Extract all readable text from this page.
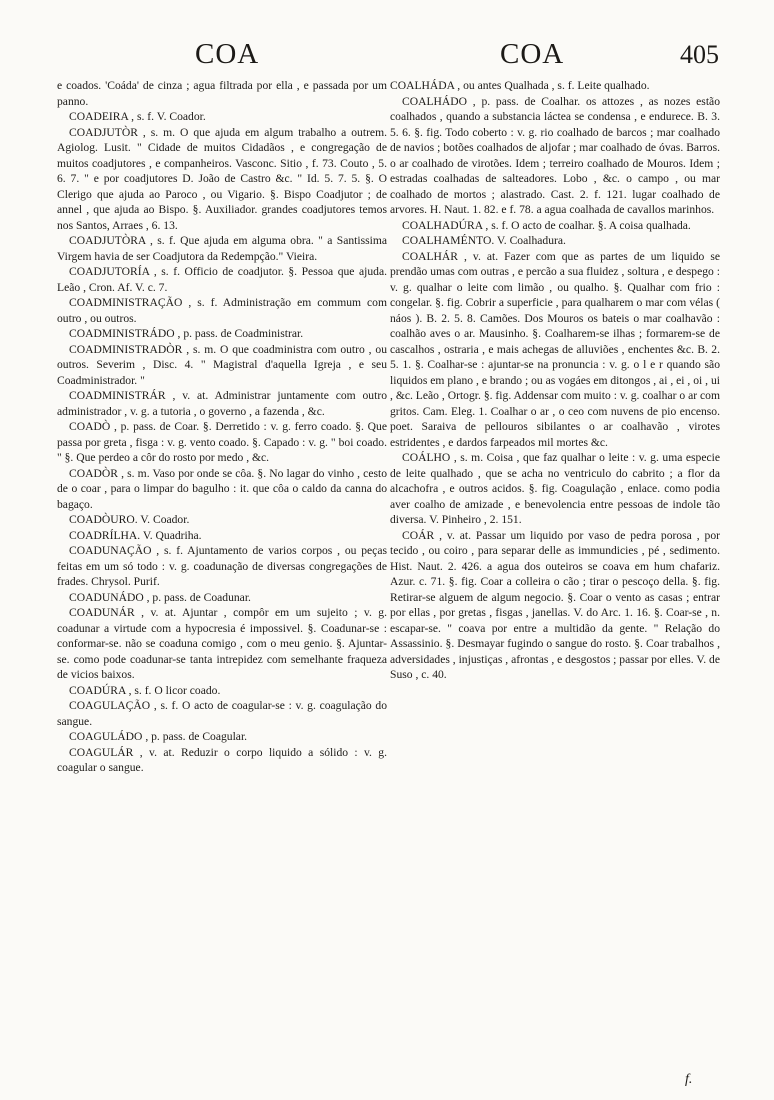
COA	COA	405

e coados. 'Coáda' de cinza ; agua filtrada por ella , e passada por um panno.

COADEIRA , s. f. V. Coador.

COADJUTÒR , s. m. O que ajuda em algum trabalho a outrem. Agiolog. Lusit. " Cidade de muitos Cidadãos , e congregação de muitos coadjutores , e companheiros. Vasconc. Sitio , f. 73. Couto , 5. 6. 7. " e por coadjutores D. João de Castro &c. " Id. 5. 7. 5. §. O Clerigo que ajuda ao Paroco , ou Vigario. §. Bispo Coadjutor ; de annel , que ajuda ao Bispo. §. Auxiliador. grandes coadjutores temos nos Santos, Arraes , 6. 13.

COADJUTÒRA , s. f. Que ajuda em alguma obra. " a Santissima Virgem havia de ser Coadjutora da Redempção." Vieira.

COADJUTORÍA , s. f. Officio de coadjutor. §. Pessoa que ajuda. Leão , Cron. Af. V. c. 7.

COADMINISTRAÇÃO , s. f. Administração em commum com outro , ou outros.

COADMINISTRÁDO , p. pass. de Coadministrar.

COADMINISTRADÒR , s. m. O que coadministra com outro , ou outros. Severim , Disc. 4. " Magistral d'aquella Igreja , e seu Coadministrador. "

COADMINISTRÁR , v. at. Administrar juntamente com outro administrador , v. g. a tutoria , o governo , a fazenda , &c.

COADÒ , p. pass. de Coar. §. Derretido : v. g. ferro coado. §. Que passa por greta , fisga : v. g. vento coado. §. Capado : v. g. " boi coado. " §. Que perdeo a côr do rosto por medo , &c.

COADÒR , s. m. Vaso por onde se côa. §. No lagar do vinho , cesto de o coar , para o limpar do bagulho : it. que côa o caldo da canna do bagaço.

COADÒURO. V. Coador.

COADRÍLHA. V. Quadriha.

COADUNAÇÃO , s. f. Ajuntamento de varios corpos , ou peças feitas em um só todo : v. g. coadunação de diversas congregações de frades. Chrysol. Purif.

COADUNÁDO , p. pass. de Coadunar.

COADUNÁR , v. at. Ajuntar , compôr em um sujeito ; v. g. coadunar a virtude com a hypocresia é impossivel. §. Coadunar-se : conformar-se. não se coaduna comigo , com o meu genio. §. Ajuntar-se. como pode coadunar-se tanta intrepidez com semelhante fraqueza de vicios baixos.

COADÚRA , s. f. O licor coado.

COAGULAÇÃO , s. f. O acto de coagular-se : v. g. coagulação do sangue.

COAGULÁDO , p. pass. de Coagular.

COAGULÁR , v. at. Reduzir o corpo liquido a sólido : v. g. coagular o sangue.

COALHÁDA , ou antes Qualhada , s. f. Leite qualhado.

COALHÁDO , p. pass. de Coalhar. os attozes , as nozes estão coalhados , quando a substancia láctea se condensa , e endurece. B. 3. 5. 6. §. fig. Todo coberto : v. g. rio coalhado de barcos ; mar coalhado de navios ; botões coalhados de aljofar ; mar coalhado de óvas. Barros. o ar coalhado de virotões. Idem ; terreiro coalhado de Mouros. Idem ; estradas coalhadas de salteadores. Lobo , &c. o campo , ou mar coalhado de mortos ; alastrado. Cast. 2. f. 121. lugar coalhado de arvores. H. Naut. 1. 82. e f. 78. a agua coalhada de cavallos marinhos.

COALHADÚRA , s. f. O acto de coalhar. §. A coisa qualhada.

COALHAMÉNTO. V. Coalhadura.

COALHÁR , v. at. Fazer com que as partes de um liquido se prendão umas com outras , e percão a sua fluidez , soltura , e despego : v. g. qualhar o leite com limão , ou qualho. §. Qualhar com frio : congelar. §. fig. Cobrir a superficie , para qualharem o mar com vélas ( náos ). B. 2. 5. 8. Camões. Dos Mouros os bateis o mar coalhavão : coalhão aves o ar. Mausinho. §. Coalharem-se ilhas ; formarem-se de cascalhos , ostraria , e mais achegas de alluviões , enchentes &c. B. 2. 5. 1. §. Coalhar-se : ajuntar-se na pronuncia : v. g. o l e r quando são liquidos em plano , e brando ; ou as vogáes em ditongos , ai , ei , oi , ui , &c. Leão , Ortogr. §. fig. Addensar com muito : v. g. coalhar o ar com gritos. Cam. Eleg. 1. Coalhar o ar , o ceo com nuvens de pio encenso. poet. Saraiva de pellouros sibilantes o ar coalhavão , virotes estridentes , e dardos farpeados mil mortes &c.

COÁLHO , s. m. Coisa , que faz qualhar o leite : v. g. uma especie de leite qualhado , que se acha no ventriculo do cabrito ; a flor da alcachofra , e outros acidos. §. fig. Coagulação , enlace. como podia aver coalho de amizade , e benevolencia entre pessoas de indole tão diversa. V. Pinheiro , 2. 151.

COÁR , v. at. Passar um liquido por vaso de pedra porosa , por tecido , ou coiro , para separar delle as immundicies , pé , sedimento. Hist. Naut. 2. 426. a agua dos outeiros se coava em hum chafariz. Azur. c. 71. §. fig. Coar a colleira o cão ; tirar o pescoço della. §. fig. Retirar-se alguem de algum negocio. §. Coar o vento as casas ; entrar por ellas , por gretas , fisgas , janellas. V. do Arc. 1. 16. §. Coar-se , n. escapar-se. " coava por entre a multidão da gente. " Relação do Assassinio. §. Desmayar fugindo o sangue do rosto. §. Coar trabalhos , adversidades , injustiças , afrontas , e desgostos ; passar por elles. V. de Suso , c. 40.

f.
